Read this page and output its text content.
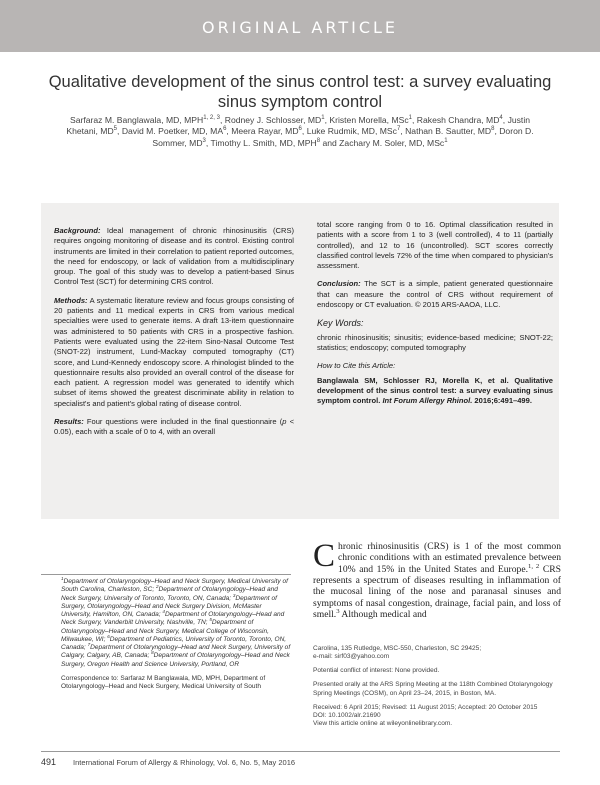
ORIGINAL ARTICLE
Qualitative development of the sinus control test: a survey evaluating sinus symptom control
Sarfaraz M. Banglawala, MD, MPH$^{1, 2, 3}$, Rodney J. Schlosser, $MD^1$, Kristen Morella, MSc$^1$, Rakesh Chandra, $MD^4$, Justin Khetani, $MD^5$, David M. Poetker, MD, $MA^6$, Meera Rayar, $MD^6$, Luke Rudmik, MD, MSc$^7$, Nathan B. Sautter, $MD^8$, Doron D. Sommer, $MD^3$, Timothy L. Smith, MD, MPH$^8$ and Zachary M. Soler, MD, MSc$^1$

Background: Ideal management of chronic rhinosinusitis (CRS) requires ongoing monitoring of disease and its control. Existing control instruments are limited in their correlation to patient reported outcomes, the need for endoscopy, or lack of validation from a multidisciplinary group. The goal of this study was to develop a patient-based Sinus Control Test (SCT) for determining CRS control.

Methods: A systematic literature review and focus groups consisting of 20 patients and 11 medical experts in CRS from various medical specialties were used to generate items. A draft 13-item questionnaire was administered to 50 patients with CRS in a prospective fashion. Patients were evaluated using the 22-item Sino-Nasal Outcome Test (SNOT-22) instrument, Lund-Mackay computed tomography (CT) score, and Lund-Kennedy endoscopy score. A rhinologist blinded to the questionnaire results also provided an overall control of the disease for each patient. A regression model was generated to identify which subset of items showed the greatest discriminate ability in relation to specialist's and patient's global rating of disease control.

Results: Four questions were included in the final questionnaire (p < 0.05), each with a scale of 0 to 4, with an overall

total score ranging from 0 to 16. Optimal classification resulted in patients with a score from 1 to 3 (well controlled), 4 to 11 (partially controlled), and 12 to 16 (uncontrolled). SCT scores correctly classified control levels 72% of the time when compared to physician's assessment.

Conclusion: The SCT is a simple, patient generated questionnaire that can measure the control of CRS without requirement of endoscopy or CT evaluation. © 2015 ARS-AAOA, LLC.

Key Words:

chronic rhinosinusitis; sinusitis; evidence-based medicine; SNOT-22; statistics; endoscopy; computed tomography

How to Cite this Article:

Banglawala SM, Schlosser RJ, Morella K, et al. Qualitative development of the sinus control test: a survey evaluating sinus symptom control. Int Forum Allergy Rhinol. 2016;6:491–499.

Chronic rhinosinusitis (CRS) is 1 of the most common chronic conditions with an estimated prevalence between 10% and 15% in the United States and Europe.$^{1, 2}$ CRS represents a spectrum of diseases resulting in inflammation of the mucosal lining of the nose and paranasal sinuses and symptoms of nasal congestion, drainage, facial pain, and loss of smell.$^3$ Although medical and
$^1$Department of Otolaryngology–Head and Neck Surgery, Medical University of South Carolina, Charleston, SC; $^2$Department of Otolaryngology–Head and Neck Surgery, University of Toronto, Toronto, ON, Canada; $^3$Department of Surgery, Otolaryngology–Head and Neck Surgery Division, McMaster University, Hamilton, ON, Canada; $^4$Department of Otolaryngology–Head and Neck Surgery, Vanderbilt University, Nashville, TN; $^5$Department of Otolaryngology–Head and Neck Surgery, Medical College of Wisconsin, Milwaukee, WI; $^6$Department of Pediatrics, University of Toronto, Toronto, ON, Canada; $^7$Department of Otolaryngology–Head and Neck Surgery, University of Calgary, Calgary, AB, Canada; $^8$Department of Otolaryngology–Head and Neck Surgery, Oregon Health and Science University, Portland, OR
Correspondence to: Sarfaraz M Banglawala, MD, MPH, Department of Otolaryngology–Head and Neck Surgery, Medical University of South

Carolina, 135 Rutledge, MSC-550, Charleston, SC 29425;

e-mail: sirf03@yahoo.com

Potential conflict of interest: None provided.

Presented orally at the ARS Spring Meeting at the 118th Combined Otolaryngology Spring Meetings (COSM), on April 23–24, 2015, in Boston, MA.

Received: 6 April 2015; Revised: 11 August 2015; Accepted: 20 October 2015

DOI: 10.1002/alr.21690

View this article online at wileyonlinelibrary.com.

491 International Forum of Allergy & Rhinology, Vol. 6, No. 5, May 2016
